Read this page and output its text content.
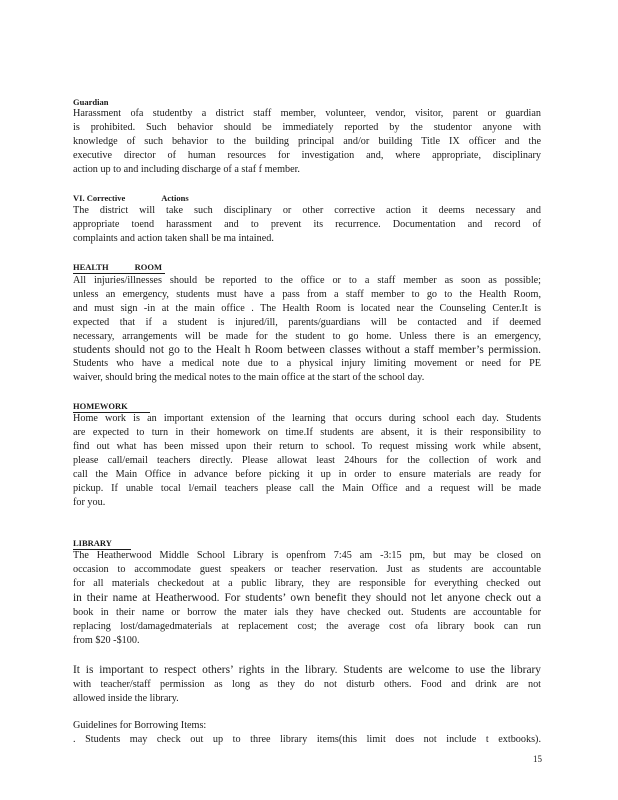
Guardian
Harassment ofa studentby a district staff member, volunteer, vendor, visitor, parent or guardian
is prohibited. Such behavior should be immediately reported by the studentor anyone with
knowledge of such behavior to the building principal and/or building Title IX officer and the
executive director of human resources for investigation and, where appropriate, disciplinary
action up to and including discharge of a staf f member.
VI. Corrective	Actions
The district will take such disciplinary or other corrective action it deems necessary and
appropriate toend harassment and to prevent its recurrence. Documentation and record of
complaints and action taken shall be ma intained.
HEALTH	ROOM
All injuries/illnesses should be reported to the office or to a staff member as soon as possible;
unless an emergency, students must have a pass from a staff member to go to the Health Room,
and must sign -in at the main office . The Health Room is located near the Counseling Center.It is
expected that if a student is injured/ill, parents/guardians will be contacted and if deemed
necessary, arrangements will be made for the student to go home. Unless there is an emergency,
students should not go to the Healt h Room between classes without a staff member’s permission.
Students who have a medical note due to a physical injury limiting movement or need for PE
waiver, should bring the medical notes to the main office at the start of the school day.
HOMEWORK
Home work is an important extension of the learning that occurs during school each day. Students
are expected to turn in their homework on time.If students are absent, it is their responsibility to
find out what has been missed upon their return to school. To request missing work while absent,
please call/email teachers directly. Please allowat least 24hours for the collection of work and
call the Main Office in advance before picking it up in order to ensure materials are ready for
pickup. If unable tocal l/email teachers please call the Main Office and a request will be made
for you.
LIBRARY
The Heatherwood Middle School Library is openfrom 7:45 am -3:15 pm, but may be closed on
occasion to accommodate guest speakers or teacher reservation. Just as students are accountable
for all materials checkedout at a public library, they are responsible for everything checked out
in their name at Heatherwood. For students’ own benefit they should not let anyone check out a
book in their name or borrow the mater ials they have checked out. Students are accountable for
replacing lost/damagedmaterials at replacement cost; the average cost ofa library book can run
from $20 -$100.
It is important to respect others’ rights in the library. Students are welcome to use the library
with teacher/staff permission as long as they do not disturb others. Food and drink are not
allowed inside the library.
Guidelines for Borrowing Items:
. Students may check out up to three library items(this limit does not include t extbooks).
15
